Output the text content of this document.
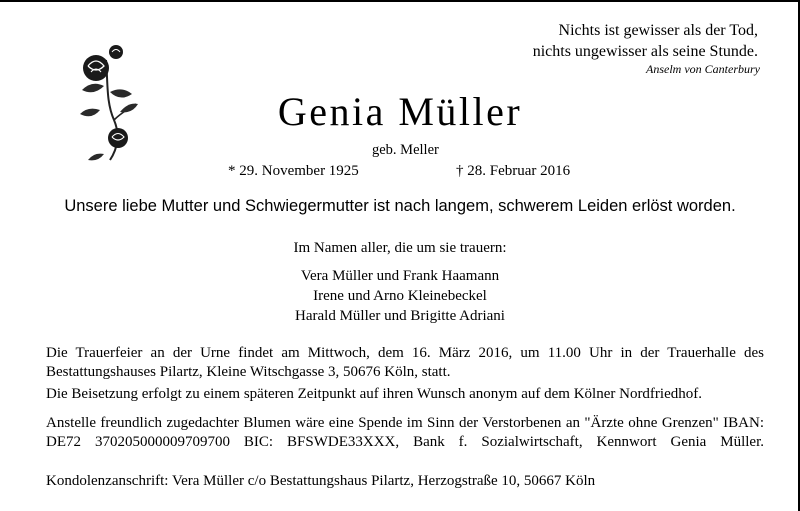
Nichts ist gewisser als der Tod,
nichts ungewisser als seine Stunde.
Anselm von Canterbury
Genia Müller
geb. Meller
* 29. November 1925	† 28. Februar 2016
Unsere liebe Mutter und Schwiegermutter ist nach langem, schwerem Leiden erlöst worden.
Im Namen aller, die um sie trauern:
Vera Müller und Frank Haamann
Irene und Arno Kleinebeckel
Harald Müller und Brigitte Adriani
Die Trauerfeier an der Urne findet am Mittwoch, dem 16. März 2016, um 11.00 Uhr in der Trauerhalle des Bestattungshauses Pilartz, Kleine Witschgasse 3, 50676 Köln, statt.
Die Beisetzung erfolgt zu einem späteren Zeitpunkt auf ihren Wunsch anonym auf dem Kölner Nordfriedhof.
Anstelle freundlich zugedachter Blumen wäre eine Spende im Sinn der Verstorbenen an "Ärzte ohne Grenzen" IBAN: DE72 370205000009709700 BIC: BFSWDE33XXX, Bank f. Sozialwirtschaft, Kennwort Genia Müller.
Kondolenzanschrift: Vera Müller c/o Bestattungshaus Pilartz, Herzogstraße 10, 50667 Köln
